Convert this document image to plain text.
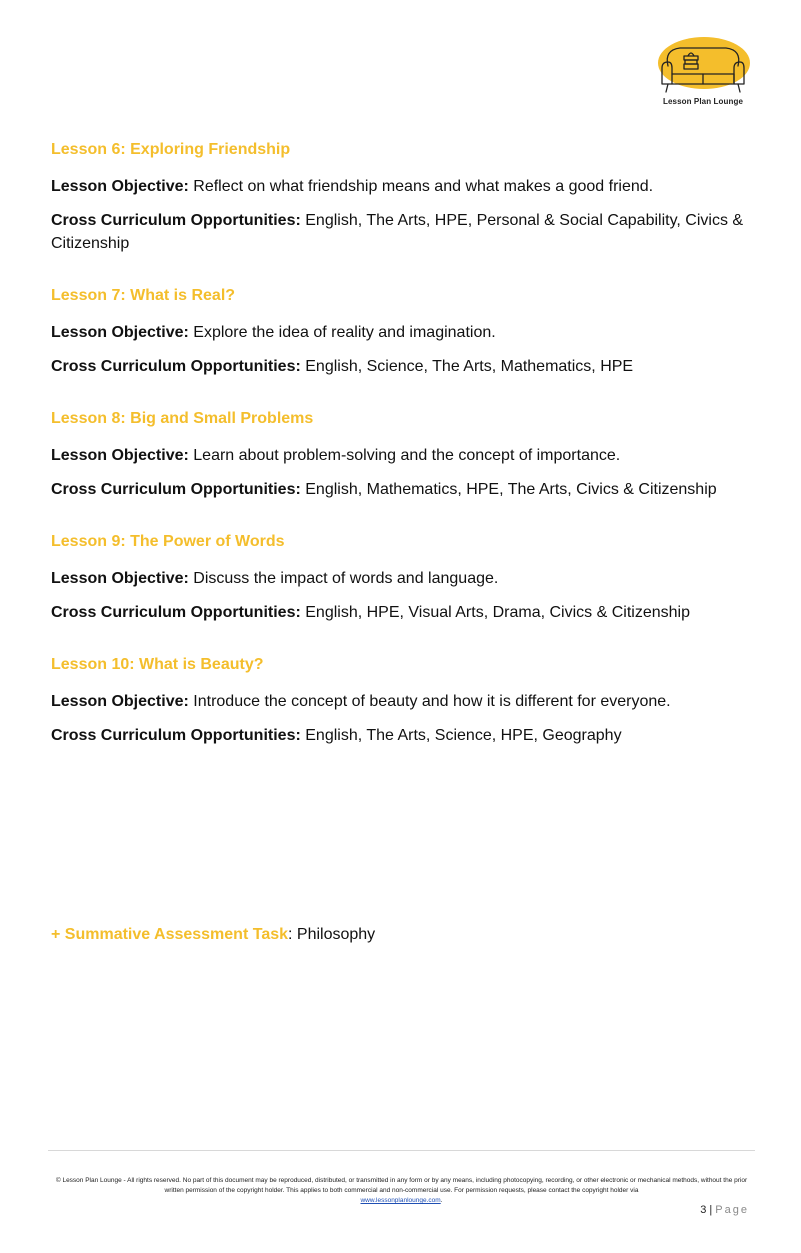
Lesson Plan Lounge
Lesson 6: Exploring Friendship
Lesson Objective: Reflect on what friendship means and what makes a good friend.
Cross Curriculum Opportunities: English, The Arts, HPE, Personal & Social Capability, Civics & Citizenship
Lesson 7: What is Real?
Lesson Objective: Explore the idea of reality and imagination.
Cross Curriculum Opportunities: English, Science, The Arts, Mathematics, HPE
Lesson 8: Big and Small Problems
Lesson Objective: Learn about problem-solving and the concept of importance.
Cross Curriculum Opportunities: English, Mathematics, HPE, The Arts, Civics & Citizenship
Lesson 9: The Power of Words
Lesson Objective: Discuss the impact of words and language.
Cross Curriculum Opportunities: English, HPE, Visual Arts, Drama, Civics & Citizenship
Lesson 10: What is Beauty?
Lesson Objective: Introduce the concept of beauty and how it is different for everyone.
Cross Curriculum Opportunities: English, The Arts, Science, HPE, Geography
+ Summative Assessment Task: Philosophy
© Lesson Plan Lounge - All rights reserved. No part of this document may be reproduced, distributed, or transmitted in any form or by any means, including photocopying, recording, or other electronic or mechanical methods, without the prior written permission of the copyright holder. This applies to both commercial and non-commercial use. For permission requests, please contact the copyright holder via
www.lessonplanlounge.com.
3 | Page
